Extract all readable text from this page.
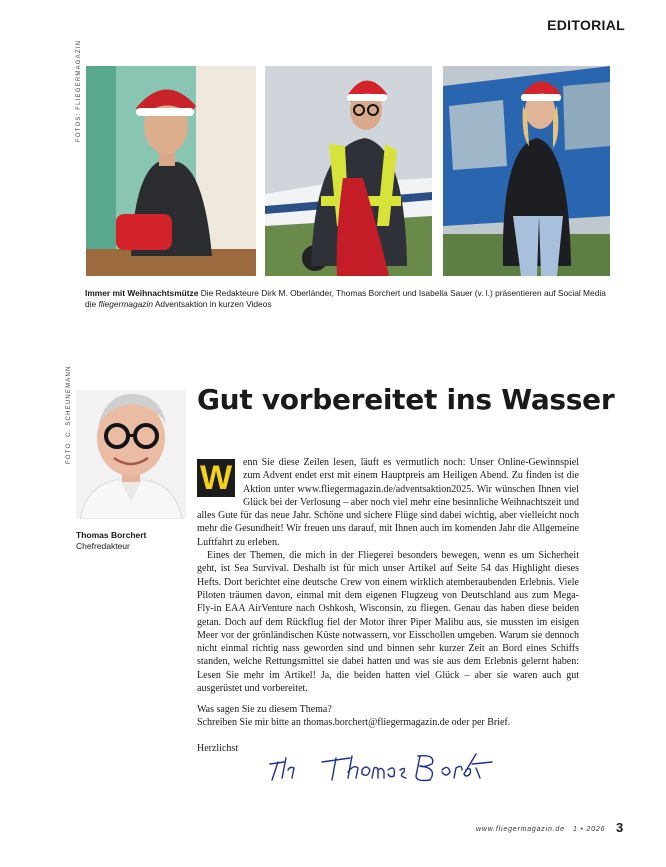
EDITORIAL
FOTOS: FLIEGERMAGAZIN
Immer mit Weihnachtsmütze Die Redakteure Dirk M. Oberländer, Thomas Borchert und Isabella Sauer (v. l.) präsentieren auf Social Media die fliegermagazin Adventsaktion in kurzen Videos
FOTO: C. SCHEUNEMANN
Thomas Borchert
Chefredakteur
Gut vorbereitet ins Wasser
W	enn Sie diese Zeilen lesen, läuft es vermutlich noch: Unser Online-Gewinnspiel zum Advent endet erst mit einem Hauptpreis am Heiligen Abend. Zu finden ist die Aktion unter www.fliegermagazin.de/adventsaktion2025. Wir wünschen Ihnen viel Glück bei der Verlosung – aber noch viel mehr eine besinnliche Weihnachtszeit und alles Gute für das neue Jahr. Schöne und sichere Flüge sind dabei wichtig, aber vielleicht noch mehr die Gesundheit! Wir freuen uns darauf, mit Ihnen auch im komenden Jahr die Allgemeine Luftfahrt zu erleben.

Eines der Themen, die mich in der Fliegerei besonders bewegen, wenn es um Sicherheit geht, ist Sea Survival. Deshalb ist für mich unser Artikel auf Seite 54 das Highlight dieses Hefts. Dort berichtet eine deutsche Crew von einem wirklich atemberaubenden Erlebnis. Viele Piloten träumen davon, einmal mit dem eigenen Flugzeug von Deutschland aus zum Mega-Fly-in EAA AirVenture nach Oshkosh, Wisconsin, zu fliegen. Genau das haben diese beiden getan. Doch auf dem Rückflug fiel der Motor ihrer Piper Malibu aus, sie mussten im eisigen Meer vor der grönländischen Küste notwassern, vor Eisschollen umgeben. Warum sie dennoch nicht einmal richtig nass geworden sind und binnen sehr kurzer Zeit an Bord eines Schiffs standen, welche Rettungsmittel sie dabei hatten und was sie aus dem Erlebnis gelernt haben: Lesen Sie mehr im Artikel! Ja, die beiden hatten viel Glück – aber sie waren auch gut ausgerüstet und vorbereitet.

Was sagen Sie zu diesem Thema?
Schreiben Sie mir bitte an thomas.borchert@fliegermagazin.de oder per Brief.
Herzlichst
www.fliegermagazin.de 1 • 2026 3
